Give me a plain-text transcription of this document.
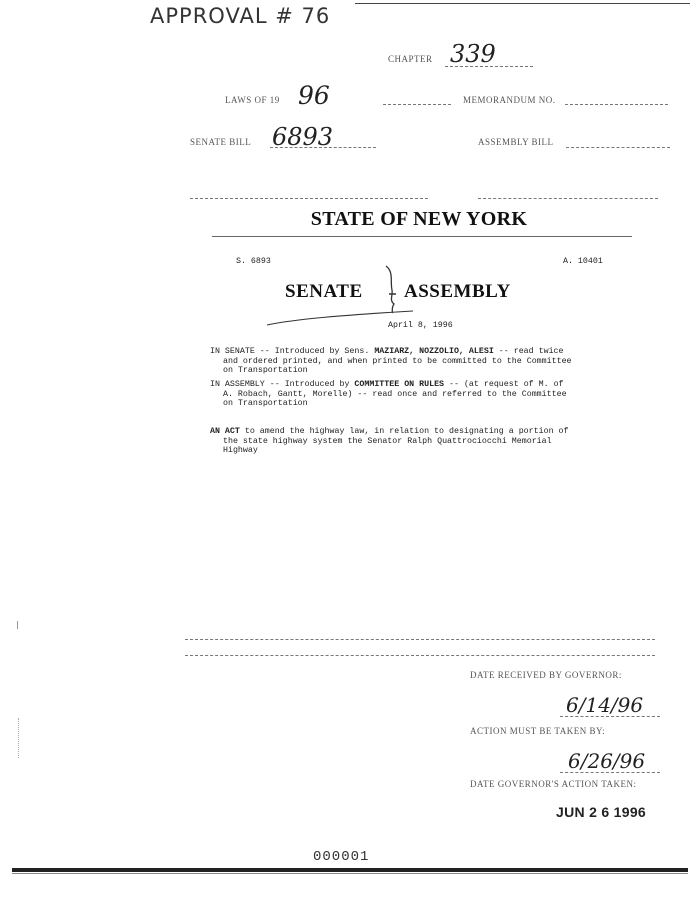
APPROVAL # 76
CHAPTER 339
LAWS OF 19 96	MEMORANDUM NO.
SENATE BILL 6893	ASSEMBLY BILL
STATE OF NEW YORK
S. 6893	A. 10401
SENATE ASSEMBLY
April 8, 1996
IN SENATE -- Introduced by Sens. MAZIARZ, NOZZOLIO, ALESI -- read twice
and ordered printed, and when printed to be committed to the Committee
on Transportation
IN ASSEMBLY -- Introduced by COMMITTEE ON RULES -- (at request of M. of
A. Robach, Gantt, Morelle) -- read once and referred to the Committee
on Transportation
AN ACT to amend the highway law, in relation to designating a portion of
the state highway system the Senator Ralph Quattrociocchi Memorial
Highway
DATE RECEIVED BY GOVERNOR:
6/14/96
ACTION MUST BE TAKEN BY:
6/26/96
DATE GOVERNOR'S ACTION TAKEN:
JUN 2 6 1996
000001
